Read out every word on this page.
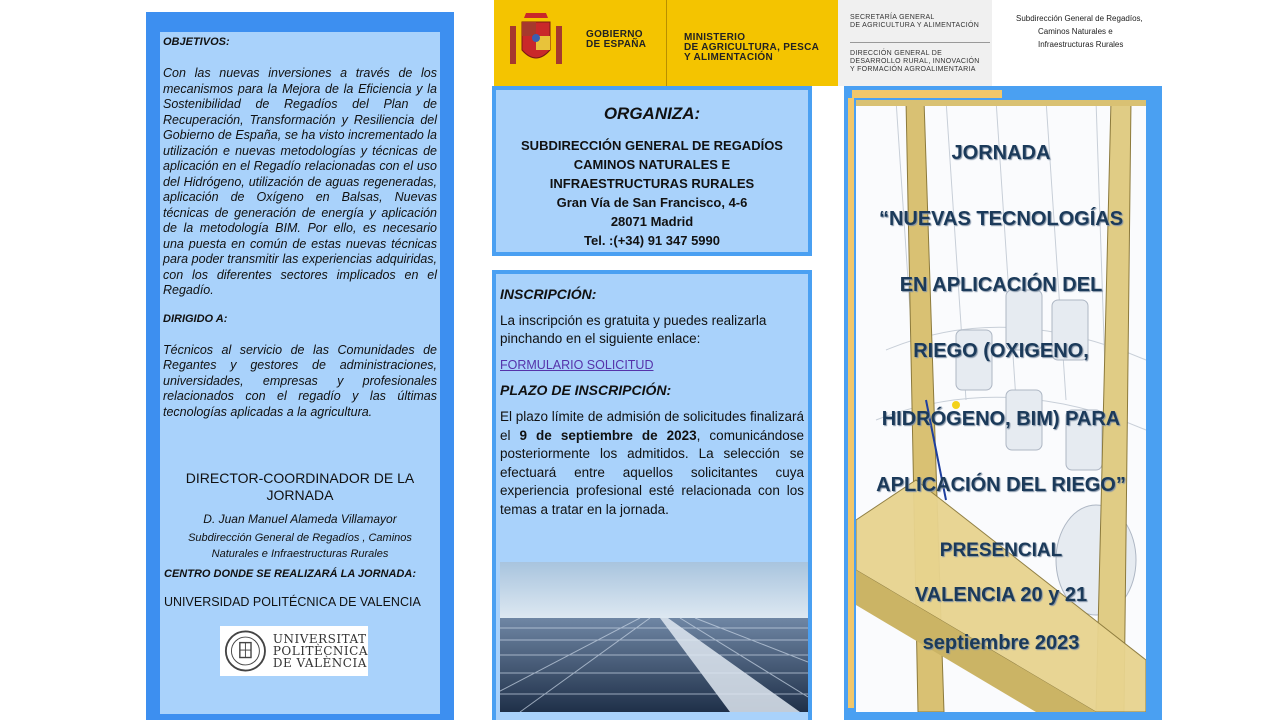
OBJETIVOS:

Con las nuevas inversiones a través de los mecanismos para la Mejora de la Eficiencia y la Sostenibilidad de Regadíos del Plan de Recuperación, Transformación y Resiliencia del Gobierno de España, se ha visto incrementado la utilización e nuevas metodologías y técnicas de aplicación en el Regadío relacionadas con el uso del Hidrógeno, utilización de aguas regeneradas, aplicación de Oxígeno en Balsas, Nuevas técnicas de generación de energía y aplicación de la metodología BIM. Por ello, es necesario una puesta en común de estas nuevas técnicas para poder transmitir las experiencias adquiridas, con los diferentes sectores implicados en el Regadío.

DIRIGIDO A:

Técnicos al servicio de las Comunidades de Regantes y gestores de administraciones, universidades, empresas y profesionales relacionados con el regadío y las últimas tecnologías aplicadas a la agricultura.

DIRECTOR-COORDINADOR DE LA JORNADA

D. Juan Manuel Alameda Villamayor

Subdirección General de Regadíos , Caminos Naturales e Infraestructuras Rurales

CENTRO DONDE SE REALIZARÁ LA JORNADA:

UNIVERSIDAD POLITÉCNICA DE VALENCIA

UNIVERSITAT
POLITÈCNICA
DE VALÈNCIA
GOBIERNO
DE ESPAÑA
MINISTERIO
DE AGRICULTURA, PESCA
Y ALIMENTACIÓN
SECRETARÍA GENERAL
DE AGRICULTURA Y ALIMENTACIÓN
DIRECCIÓN GENERAL DE
DESARROLLO RURAL, INNOVACIÓN
Y FORMACIÓN AGROALIMENTARIA
Subdirección General de Regadíos,
Caminos Naturales e
Infraestructuras Rurales

ORGANIZA:

SUBDIRECCIÓN GENERAL DE REGADÍOS

CAMINOS NATURALES E

INFRAESTRUCTURAS RURALES

Gran Vía de San Francisco, 4-6

28071 Madrid

Tel. :(+34) 91 347 5990

INSCRIPCIÓN:

La inscripción es gratuita y puedes realizarla pinchando en el siguiente enlace:

FORMULARIO SOLICITUD

PLAZO DE INSCRIPCIÓN:

El plazo límite de admisión de solicitudes finalizará el 9 de septiembre de 2023, comunicándose posteriormente los admitidos. La selección se efectuará entre aquellos solicitantes cuya experiencia profesional esté relacionada con los temas a tratar en la jornada.

JORNADA
“NUEVAS TECNOLOGÍAS
EN APLICACIÓN DEL
RIEGO (OXIGENO,
HIDRÓGENO, BIM) PARA
APLICACIÓN DEL RIEGO”
PRESENCIAL
VALENCIA 20 y 21
septiembre 2023
